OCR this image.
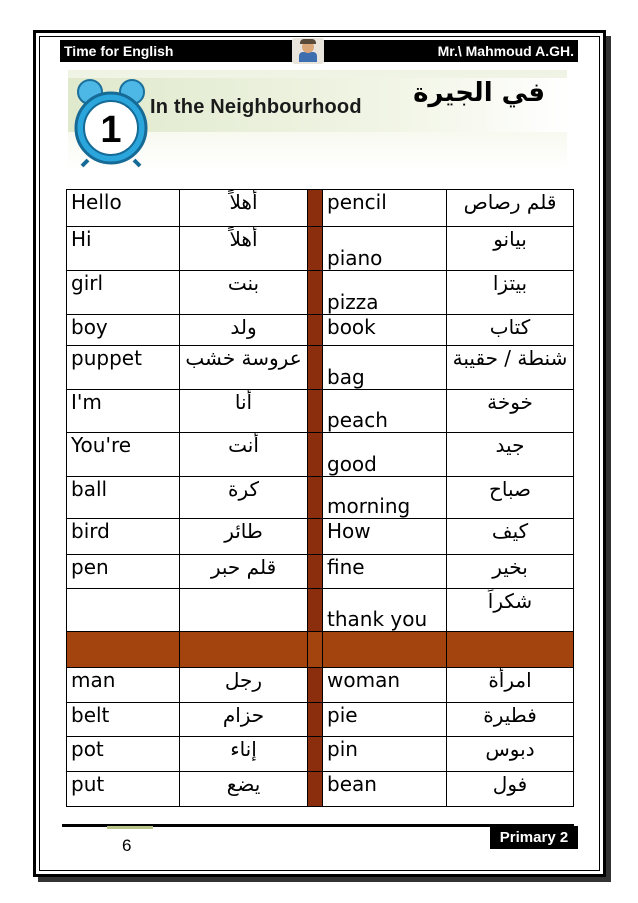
Time for English	Mr.\ Mahmoud A.GH.
1
In the Neighbourhood في الجيرة
Hello	أهلاً		pencil	قلم رصاص
Hi	أهلاً		piano	بيانو
girl	بنت		pizza	بيتزا
boy	ولد		book	كتاب
puppet	عروسة خشب		bag	شنطة / حقيبة
I'm	أنا		peach	خوخة
You're	أنت		good	جيد
ball	كرة		morning	صباح
bird	طائر		How	كيف
pen	قلم حبر		fine	بخير
			thank you	شكراً

man	رجل		woman	امرأة
belt	حزام		pie	فطيرة
pot	إناء		pin	دبوس
put	يضع		bean	فول
6	Primary 2
